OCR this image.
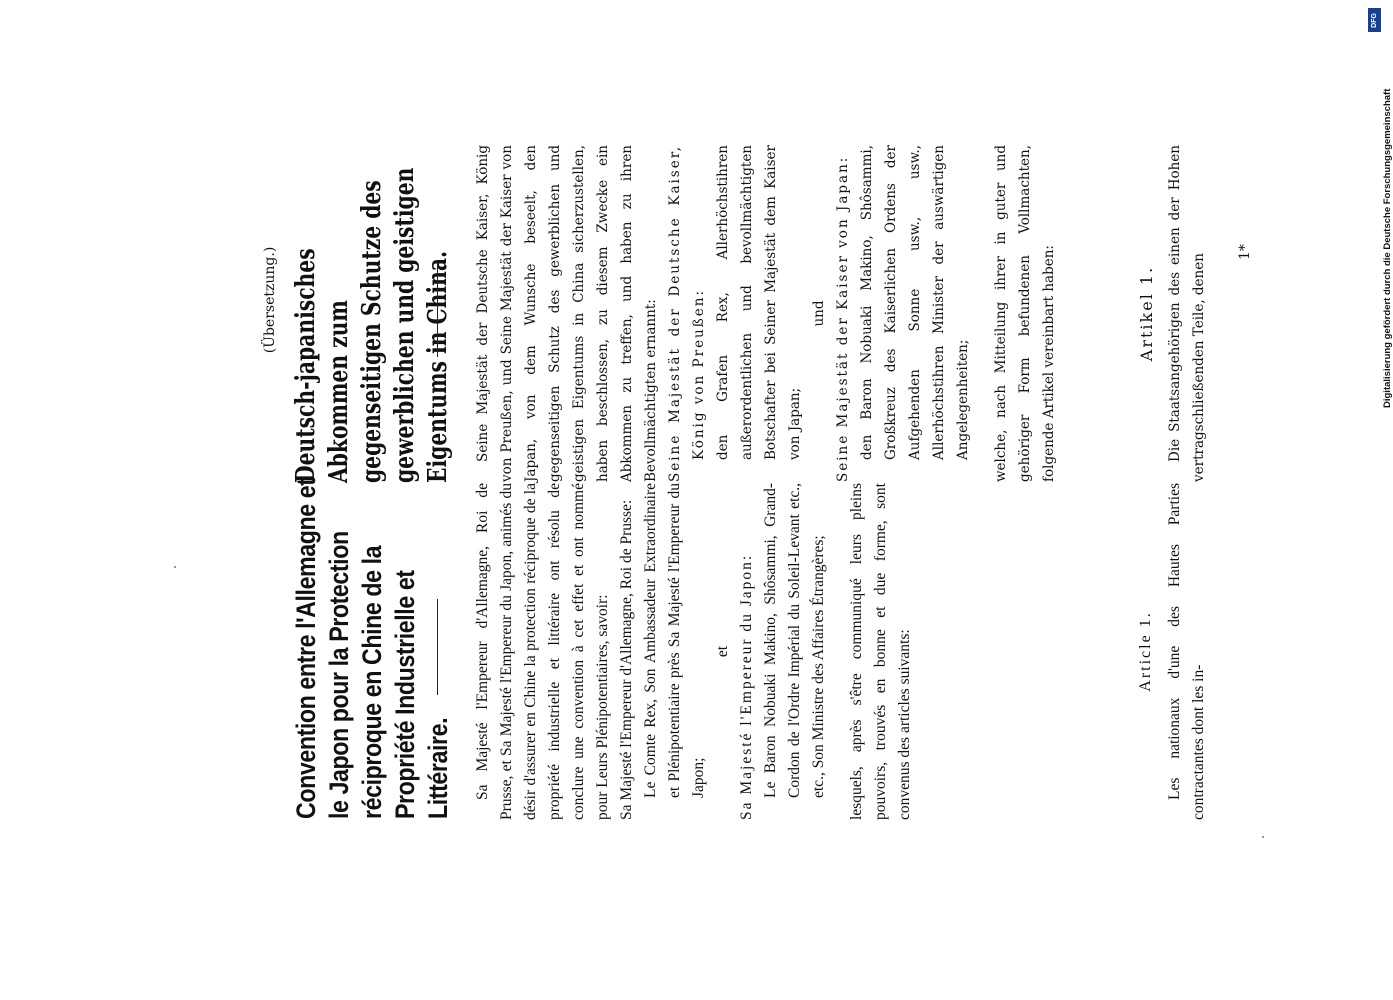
(Übersetzung.)
Convention entre l'Allemagne et le Japon pour la Protection réciproque en Chine de la Propriété Industrielle et Littéraire. Sa Majesté l'Empereur d'Allemagne, Roi de Prusse, et Sa Majesté l'Empereur du Japon, animés du désir d'assurer en Chine la protection réciproque de la propriété industrielle et littéraire ont résolu de conclure une convention à cet effet et ont nommé pour Leurs Plénipotentiaires, savoir: Sa Majesté l'Empereur d'Allemagne, Roi de Prusse: Le Comte Rex, Son Ambassadeur Extraordinaire et Plénipotentiaire près Sa Majesté l'Empereur du Japon;

et Sa Majesté l'Empereur du Japon: Le Baron Nobuaki Makino, Shôsammi, Grand-Cordon de l'Ordre Impérial du Soleil-Levant etc., etc., Son Ministre des Affaires Étrangères; lesquels, après s'être communiqué leurs pleins pouvoirs, trouvés en bonne et due forme, sont convenus des articles suivants:	Article 1. Les nationaux d'une des Hautes Parties contractantes dont les in-

Deutsch-japanisches Abkommen zum gegenseitigen Schutze des gewerblichen und geistigen Eigentums in China. Seine Majestät der Deutsche Kaiser, König von Preußen, und Seine Majestät der Kaiser von Japan, von dem Wunsche beseelt, den gegenseitigen Schutz des gewerblichen und geistigen Eigentums in China sicherzustellen, haben beschlossen, zu diesem Zwecke ein Abkommen zu treffen, und haben zu ihren Bevollmächtigten ernannt: Seine Majestät der Deutsche Kaiser, König von Preußen: den Grafen Rex, Allerhöchstihren außerordentlichen und bevollmächtigten Botschafter bei Seiner Majestät dem Kaiser von Japan;

und Seine Majestät der Kaiser von Japan: den Baron Nobuaki Makino, Shôsammi, Großkreuz des Kaiserlichen Ordens der Aufgehenden Sonne usw., usw., Allerhöchstihren Minister der auswärtigen Angelegenheiten; welche, nach Mitteilung ihrer in guter und gehöriger Form befundenen Vollmachten, folgende Artikel vereinbart haben:	Artikel 1. Die Staatsangehörigen des einen der Hohen vertragschließenden Teile, denen

1*
DFG
Digitalisierung gefördert durch die Deutsche Forschungsgemeinschaft
